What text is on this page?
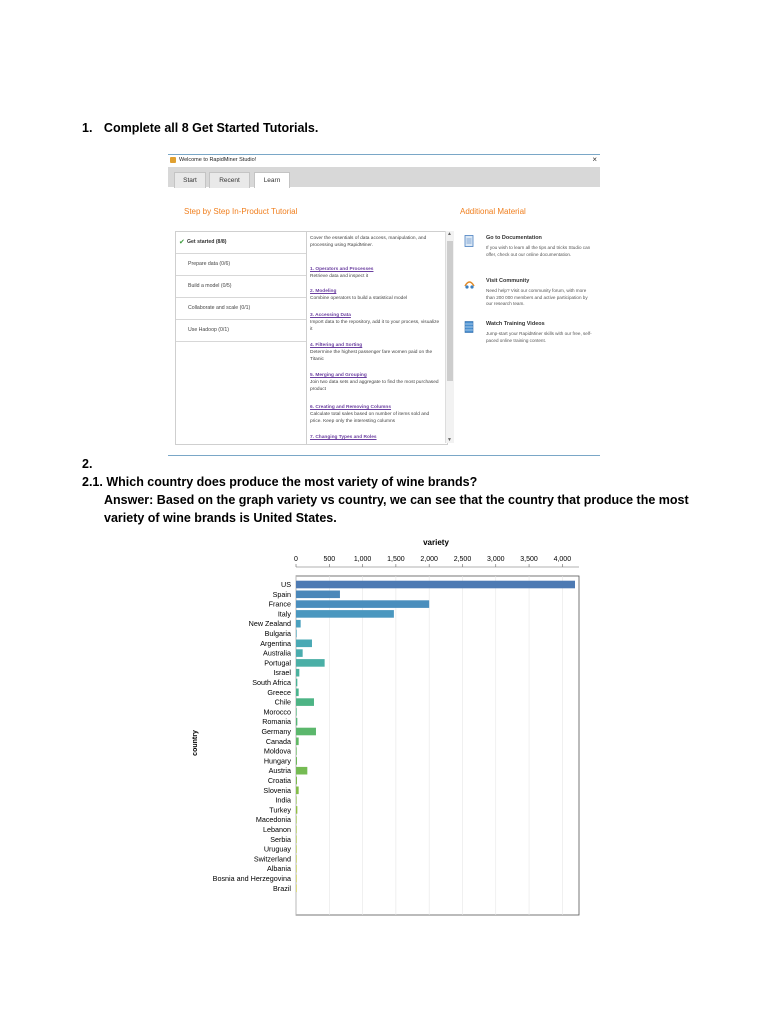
1. Complete all 8 Get Started Tutorials.
Welcome to RapidMiner Studio!	×
Start	Recent	Learn
Step by Step In-Product Tutorial	Additional Material
✔ Get started (8/8)
Prepare data (0/6)
Build a model (0/5)
Collaborate and scale (0/1)
Use Hadoop (0/1)
Cover the essentials of data access, manipulation, and processing using RapidMiner.
1. Operators and Processes
Retrieve data and inspect it
2. Modeling
Combine operators to build a statistical model
3. Accessing Data
Import data to the repository, add it to your process, visualize it
4. Filtering and Sorting
Determine the highest passenger fare women paid on the Titanic
5. Merging and Grouping
Join two data sets and aggregate to find the most purchased product
6. Creating and Removing Columns
Calculate total sales based on number of items sold and price. Keep only the interesting columns
7. Changing Types and Roles
▲
▼
Go to Documentation
If you wish to learn all the tips and tricks Studio can offer, check out our online documentation.
Visit Community
Need help? Visit our community forum, with more than 200 000 members and active participation by our research team.
Watch Training Videos
Jump-start your RapidMiner skills with our free, self-paced online training content.
2.
2.1. Which country does produce the most variety of wine brands?
Answer: Based on the graph variety vs country, we can see that the country that produce the most
variety of wine brands is United States.
variety
0	500	1,000 1,500 2,000 2,500 3,000 3,500 4,000
US
Spain
France
Italy
New Zealand
Bulgaria
Argentina
Australia
Portugal
Israel
South Africa
Greece
Chile
Morocco
Romania
Germany
Canada
Moldova
Hungary
Austria
Croatia
Slovenia
India
Turkey
Macedonia
Lebanon
Serbia
Uruguay
Switzerland
Albania
Bosnia and Herzegovina
Brazil
country
